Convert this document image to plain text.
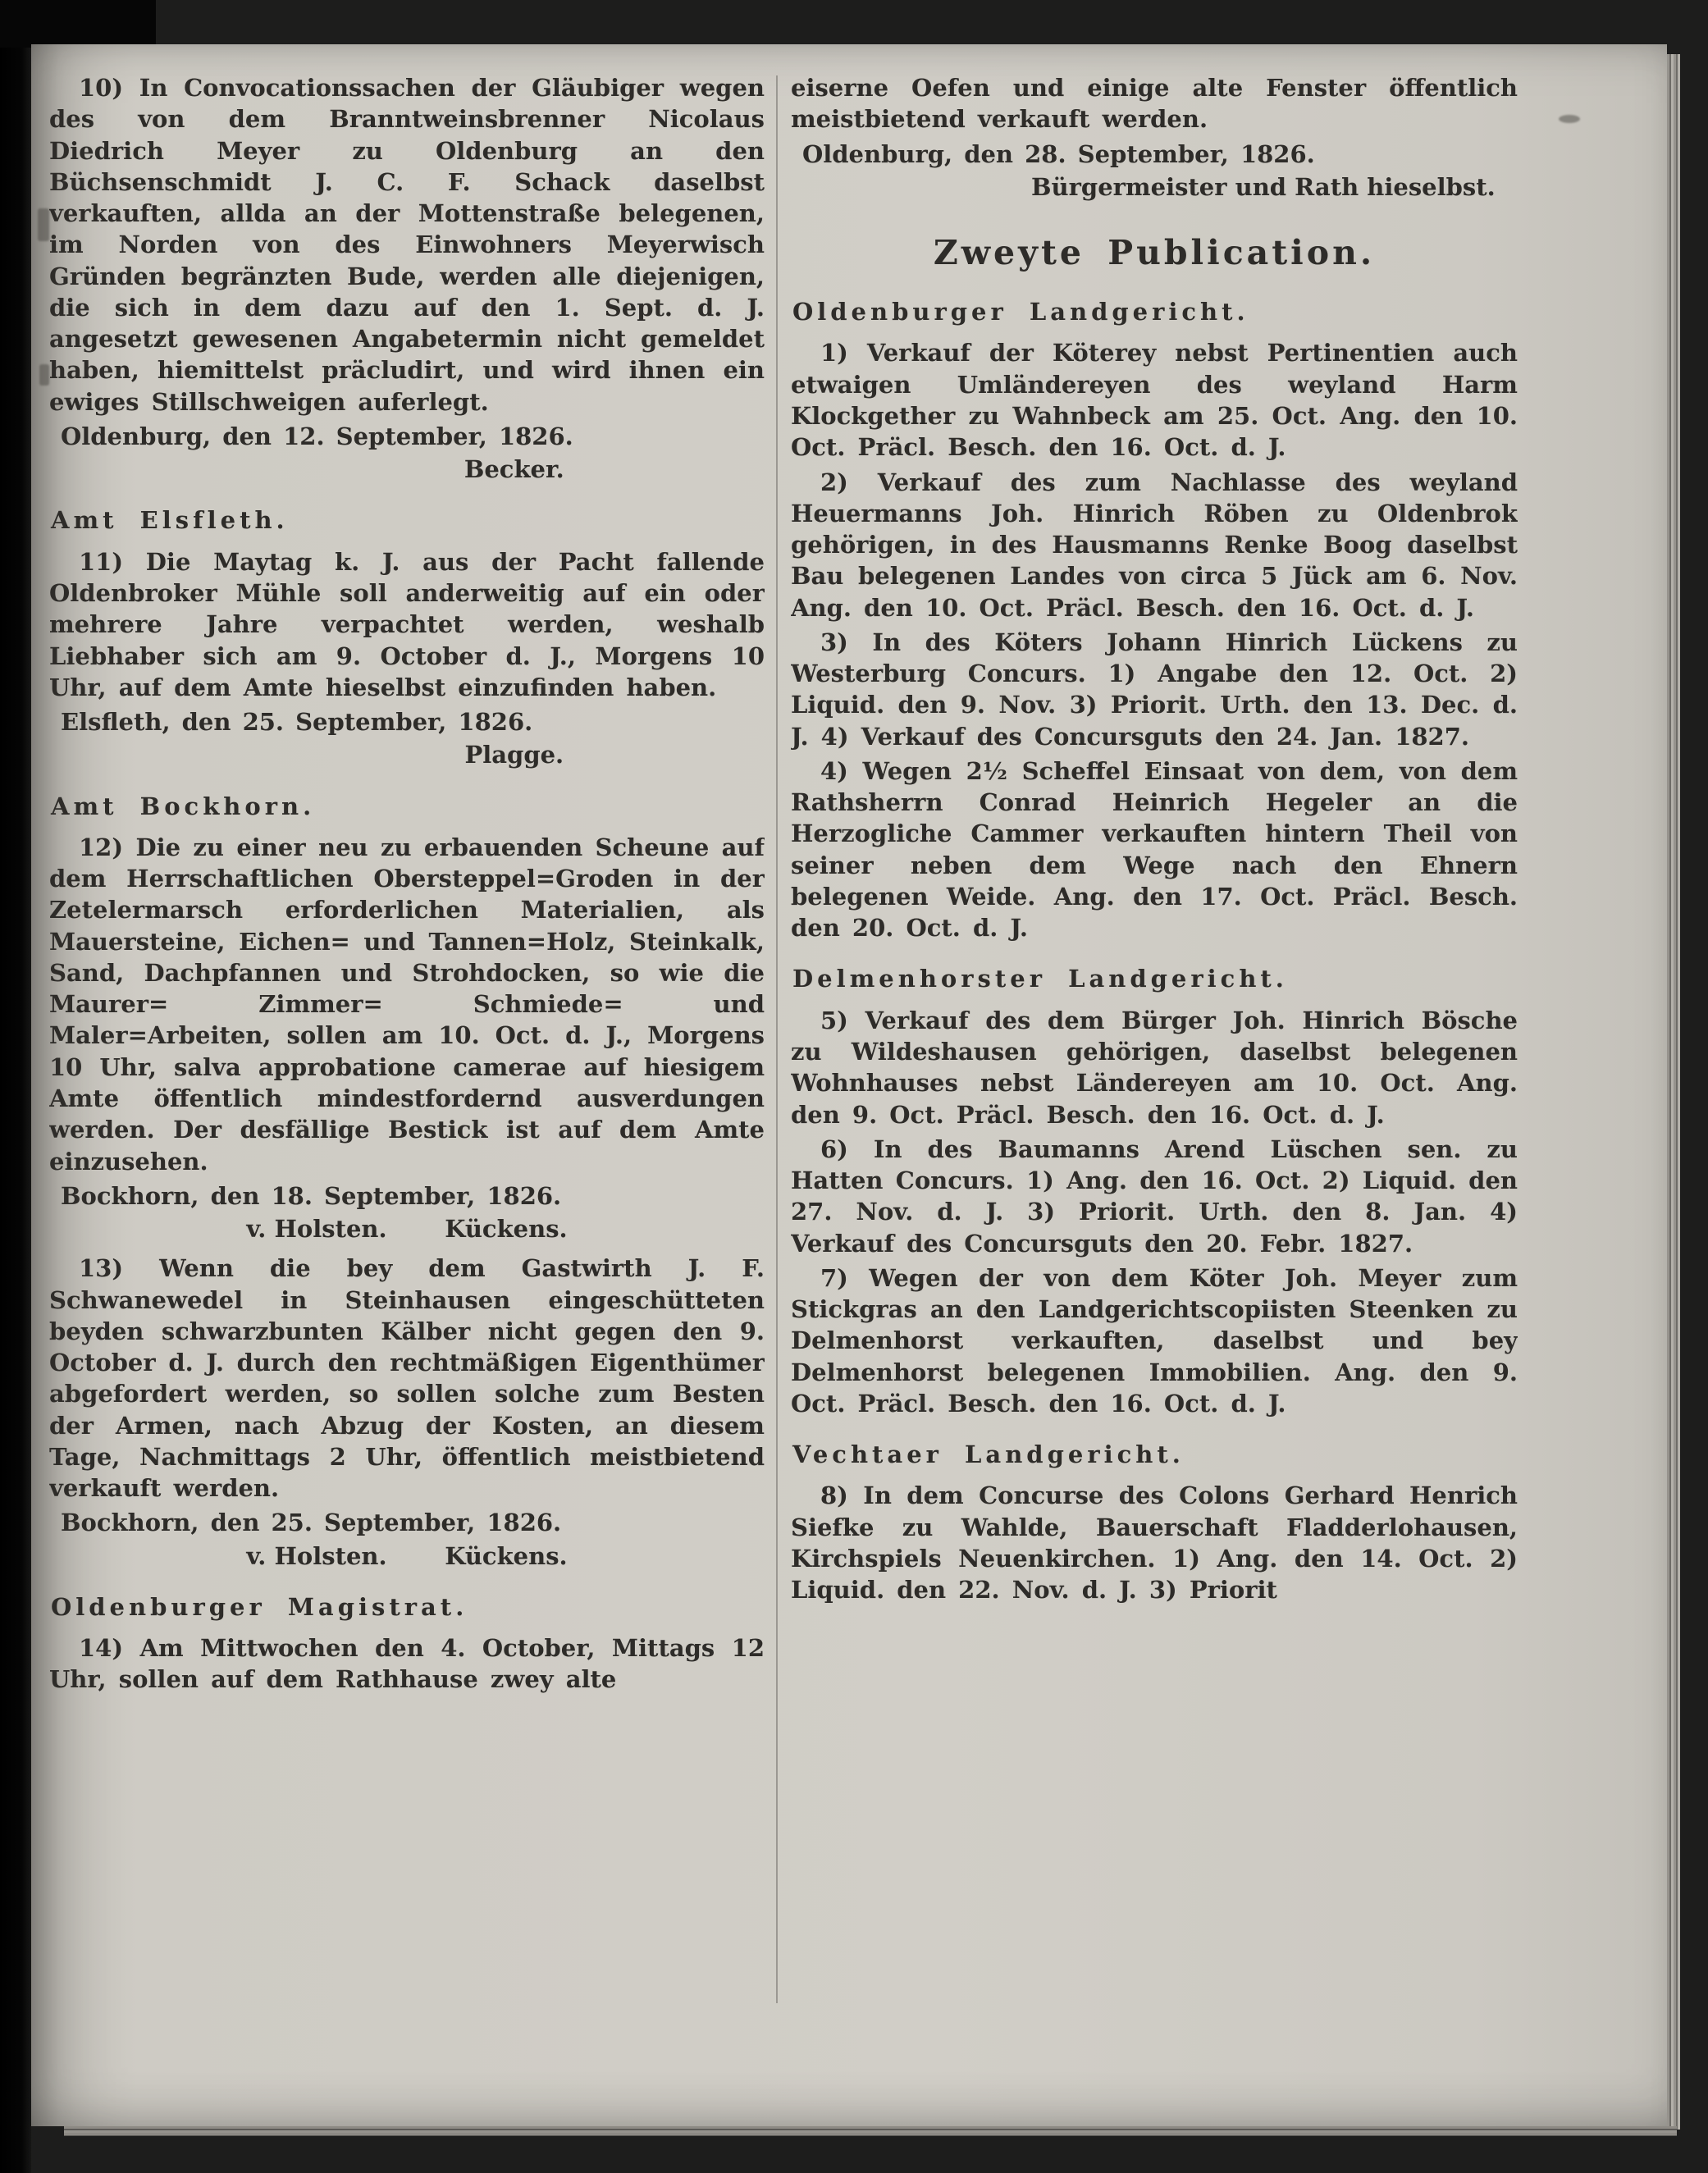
10) In Convocationssachen der Gläubiger wegen des von dem Branntweinsbrenner Nicolaus Diedrich Meyer zu Oldenburg an den Büchsenschmidt J. C. F. Schack daselbst verkauften, allda an der Mottenstraße belegenen, im Norden von des Einwohners Meyerwisch Gründen begränzten Bude, werden alle diejenigen, die sich in dem dazu auf den 1. Sept. d. J. angesetzt gewesenen Angabetermin nicht gemeldet haben, hiemittelst präcludirt, und wird ihnen ein ewiges Stillschweigen auferlegt.
Oldenburg, den 12. September, 1826.
Becker.
Amt Elsfleth.
11) Die Maytag k. J. aus der Pacht fallende Oldenbroker Mühle soll anderweitig auf ein oder mehrere Jahre verpachtet werden, weshalb Liebhaber sich am 9. October d. J., Morgens 10 Uhr, auf dem Amte hieselbst einzufinden haben.
Elsfleth, den 25. September, 1826.
Plagge.
Amt Bockhorn.
12) Die zu einer neu zu erbauenden Scheune auf dem Herrschaftlichen Obersteppel=Groden in der Zetelermarsch erforderlichen Materialien, als Mauersteine, Eichen= und Tannen=Holz, Steinkalk, Sand, Dachpfannen und Strohdocken, so wie die Maurer= Zimmer= Schmiede= und Maler=Arbeiten, sollen am 10. Oct. d. J., Morgens 10 Uhr, salva approbatione camerae auf hiesigem Amte öffentlich mindestfordernd ausverdungen werden. Der desfällige Bestick ist auf dem Amte einzusehen.
Bockhorn, den 18. September, 1826.
v. Holsten.       Kückens.
13) Wenn die bey dem Gastwirth J. F. Schwanewedel in Steinhausen eingeschütteten beyden schwarzbunten Kälber nicht gegen den 9. October d. J. durch den rechtmäßigen Eigenthümer abgefordert werden, so sollen solche zum Besten der Armen, nach Abzug der Kosten, an diesem Tage, Nachmittags 2 Uhr, öffentlich meistbietend verkauft werden.
Bockhorn, den 25. September, 1826.
v. Holsten.       Kückens.
Oldenburger Magistrat.
14) Am Mittwochen den 4. October, Mittags 12 Uhr, sollen auf dem Rathhause zwey alte
eiserne Oefen und einige alte Fenster öffentlich meistbietend verkauft werden.
Oldenburg, den 28. September, 1826.
Bürgermeister und Rath hieselbst.
Zweyte Publication.
Oldenburger Landgericht.
1) Verkauf der Köterey nebst Pertinentien auch etwaigen Umländereyen des weyland Harm Klockgether zu Wahnbeck am 25. Oct. Ang. den 10. Oct. Präcl. Besch. den 16. Oct. d. J.
2) Verkauf des zum Nachlasse des weyland Heuermanns Joh. Hinrich Röben zu Oldenbrok gehörigen, in des Hausmanns Renke Boog daselbst Bau belegenen Landes von circa 5 Jück am 6. Nov. Ang. den 10. Oct. Präcl. Besch. den 16. Oct. d. J.
3) In des Köters Johann Hinrich Lückens zu Westerburg Concurs. 1) Angabe den 12. Oct. 2) Liquid. den 9. Nov. 3) Priorit. Urth. den 13. Dec. d. J. 4) Verkauf des Concursguts den 24. Jan. 1827.
4) Wegen 2½ Scheffel Einsaat von dem, von dem Rathsherrn Conrad Heinrich Hegeler an die Herzogliche Cammer verkauften hintern Theil von seiner neben dem Wege nach den Ehnern belegenen Weide. Ang. den 17. Oct. Präcl. Besch. den 20. Oct. d. J.
Delmenhorster Landgericht.
5) Verkauf des dem Bürger Joh. Hinrich Bösche zu Wildeshausen gehörigen, daselbst belegenen Wohnhauses nebst Ländereyen am 10. Oct. Ang. den 9. Oct. Präcl. Besch. den 16. Oct. d. J.
6) In des Baumanns Arend Lüschen sen. zu Hatten Concurs. 1) Ang. den 16. Oct. 2) Liquid. den 27. Nov. d. J. 3) Priorit. Urth. den 8. Jan. 4) Verkauf des Concursguts den 20. Febr. 1827.
7) Wegen der von dem Köter Joh. Meyer zum Stickgras an den Landgerichtscopiisten Steenken zu Delmenhorst verkauften, daselbst und bey Delmenhorst belegenen Immobilien. Ang. den 9. Oct. Präcl. Besch. den 16. Oct. d. J.
Vechtaer Landgericht.
8) In dem Concurse des Colons Gerhard Henrich Siefke zu Wahlde, Bauerschaft Fladderlohausen, Kirchspiels Neuenkirchen. 1) Ang. den 14. Oct. 2) Liquid. den 22. Nov. d. J. 3) Priorit
